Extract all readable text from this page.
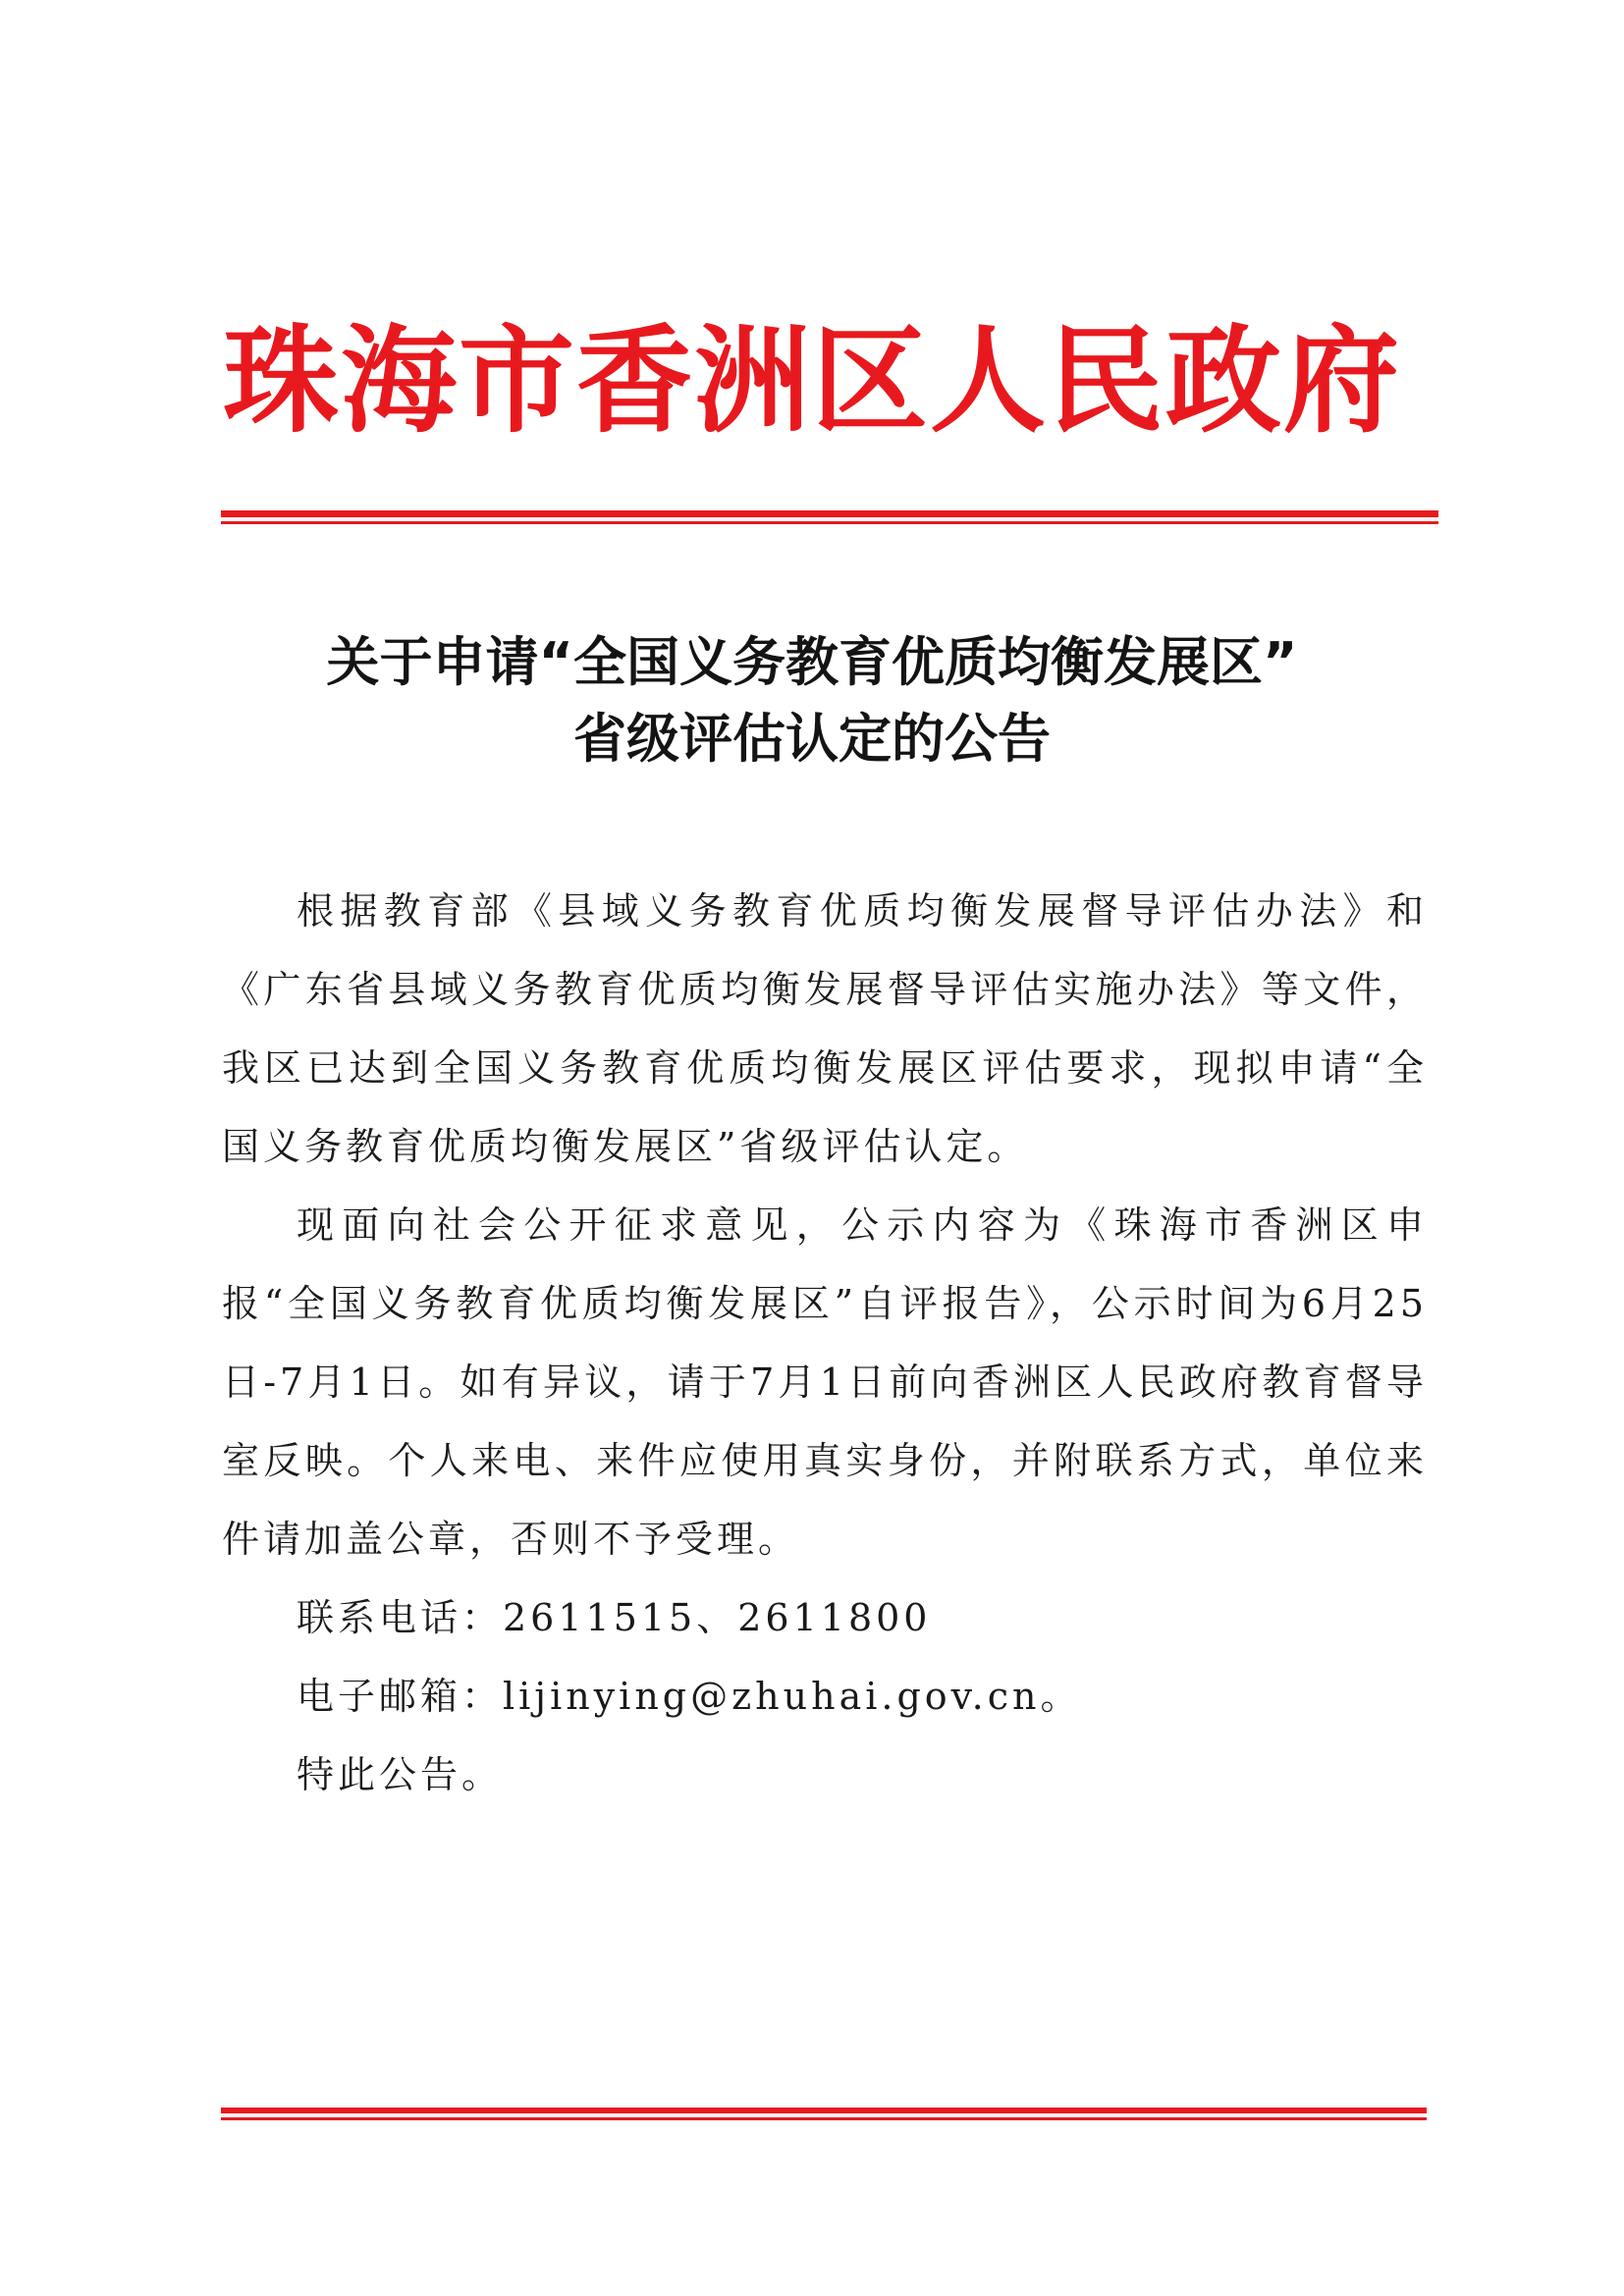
珠海市香洲区人民政府
关于申请“全国义务教育优质均衡发展区”
省级评估认定的公告

根据教育部《县域义务教育优质均衡发展督导评估办法》和《广东省县域义务教育优质均衡发展督导评估实施办法》等文件，我区已达到全国义务教育优质均衡发展区评估要求，现拟申请“全国义务教育优质均衡发展区”省级评估认定。

现面向社会公开征求意见，公示内容为《珠海市香洲区申报“全国义务教育优质均衡发展区”自评报告》，公示时间为6月25日-7月1日。如有异议，请于7月1日前向香洲区人民政府教育督导室反映。个人来电、来件应使用真实身份，并附联系方式，单位来件请加盖公章，否则不予受理。

联系电话：2611515、2611800

电子邮箱：lijinying@zhuhai.gov.cn。

特此公告。
